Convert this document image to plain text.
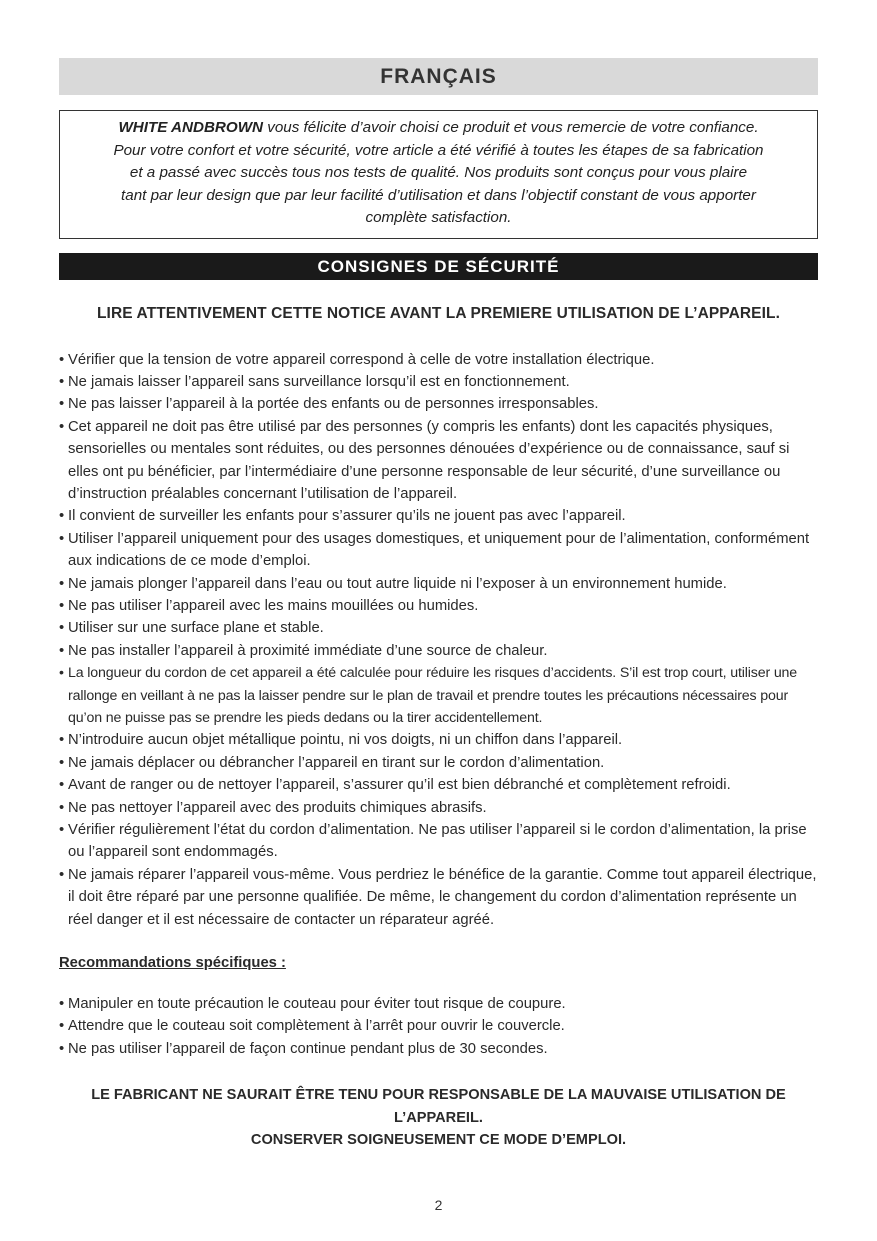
FRANÇAIS
WHITE ANDBROWN vous félicite d’avoir choisi ce produit et vous remercie de votre confiance.
Pour votre confort et votre sécurité, votre article a été vérifié à toutes les étapes de sa fabrication
et a passé avec succès tous nos tests de qualité. Nos produits sont conçus pour vous plaire
tant par leur design que par leur facilité d’utilisation et dans l’objectif constant de vous apporter
complète satisfaction.
CONSIGNES DE SÉCURITÉ
LIRE ATTENTIVEMENT CETTE NOTICE AVANT LA PREMIERE UTILISATION DE L’APPAREIL.
• Vérifier que la tension de votre appareil correspond à celle de votre installation électrique.
• Ne jamais laisser l’appareil sans surveillance lorsqu’il est en fonctionnement.
• Ne pas laisser l’appareil à la portée des enfants ou de personnes irresponsables.
• Cet appareil ne doit pas être utilisé par des personnes (y compris les enfants) dont les capacités physiques, sensorielles ou mentales sont réduites, ou des personnes dénouées d’expérience ou de connaissance, sauf si elles ont pu bénéficier, par l’intermédiaire d’une personne responsable de leur sécurité, d’une surveillance ou d’instruction préalables concernant l’utilisation de l’appareil.
• Il convient de surveiller les enfants pour s’assurer qu’ils ne jouent pas avec l’appareil.
• Utiliser l’appareil uniquement pour des usages domestiques, et uniquement pour de l’alimentation, conformément aux indications de ce mode d’emploi.
• Ne jamais plonger l’appareil dans l’eau ou tout autre liquide ni l’exposer à un environnement humide.
• Ne pas utiliser l’appareil avec les mains mouillées ou humides.
• Utiliser sur une surface plane et stable.
• Ne pas installer l’appareil à proximité immédiate d’une source de chaleur.
• La longueur du cordon de cet appareil a été calculée pour réduire les risques d’accidents. S’il est trop court, utiliser une rallonge en veillant à ne pas la laisser pendre sur le plan de travail et prendre toutes les précautions nécessaires pour qu’on ne puisse pas se prendre les pieds dedans ou la tirer accidentellement.
• N’introduire aucun objet métallique pointu, ni vos doigts, ni un chiffon dans l’appareil.
• Ne jamais déplacer ou débrancher l’appareil en tirant sur le cordon d’alimentation.
• Avant de ranger ou de nettoyer l’appareil, s’assurer qu’il est bien débranché et complètement refroidi.
• Ne pas nettoyer l’appareil avec des produits chimiques abrasifs.
• Vérifier régulièrement l’état du cordon d’alimentation. Ne pas utiliser l’appareil si le cordon d’alimentation, la prise ou l’appareil sont endommagés.
• Ne jamais réparer l’appareil vous-même. Vous perdriez le bénéfice de la garantie. Comme tout appareil électrique, il doit être réparé par une personne qualifiée. De même, le changement du cordon d’alimentation représente un réel danger et il est nécessaire de contacter un réparateur agréé.
Recommandations spécifiques :
• Manipuler en toute précaution le couteau pour éviter tout risque de coupure.
• Attendre que le couteau soit complètement à l’arrêt pour ouvrir le couvercle.
• Ne pas utiliser l’appareil de façon continue pendant plus de 30 secondes.
LE FABRICANT NE SAURAIT ÊTRE TENU POUR RESPONSABLE DE LA MAUVAISE UTILISATION DE L’APPAREIL.
CONSERVER SOIGNEUSEMENT CE MODE D’EMPLOI.
2
